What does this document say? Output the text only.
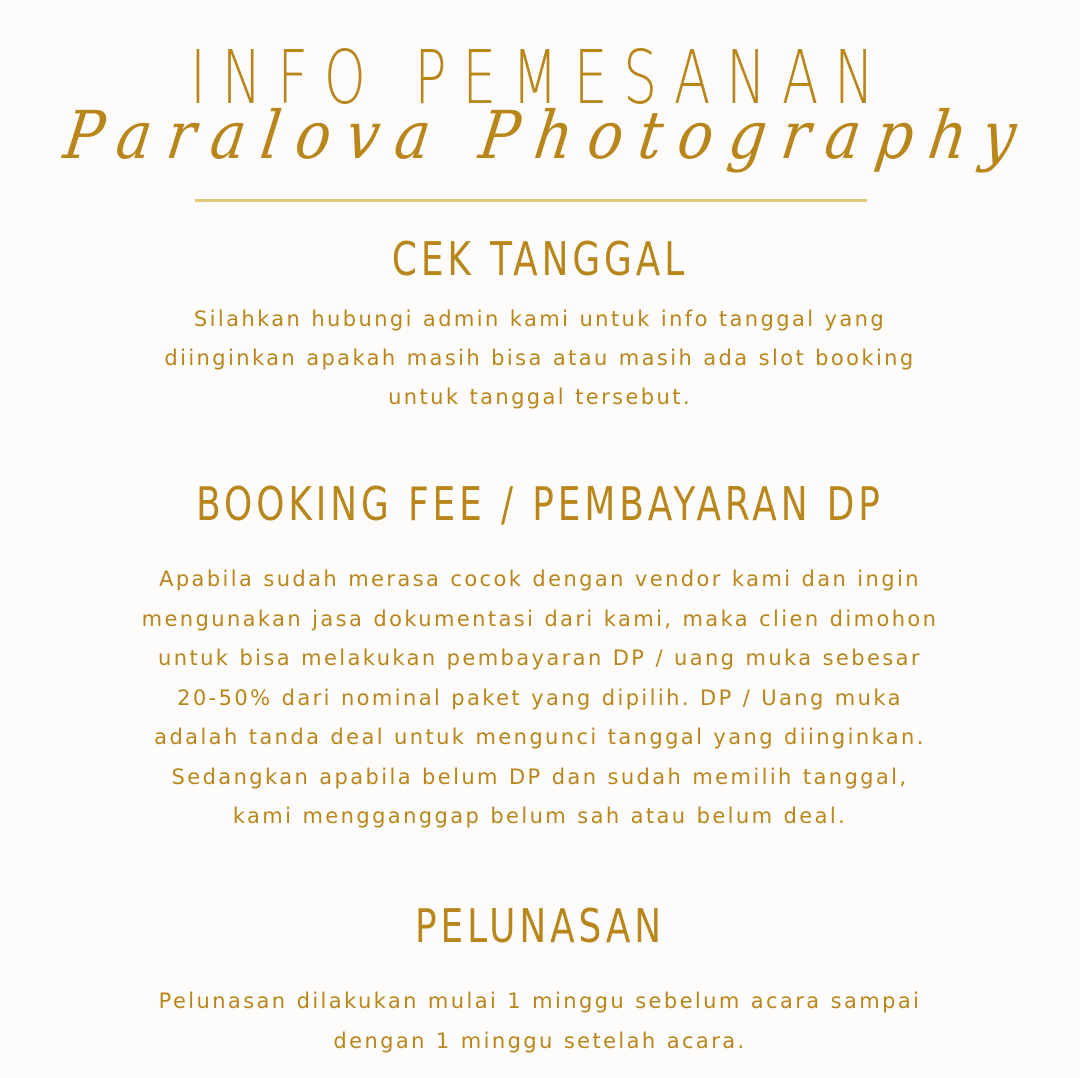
INFO PEMESANAN
Paralova Photography
CEK TANGGAL
Silahkan hubungi admin kami untuk info tanggal yang
diinginkan apakah masih bisa atau masih ada slot booking
untuk tanggal tersebut.
BOOKING FEE / PEMBAYARAN DP
Apabila sudah merasa cocok dengan vendor kami dan ingin
mengunakan jasa dokumentasi dari kami, maka clien dimohon
untuk bisa melakukan pembayaran DP / uang muka sebesar
20-50% dari nominal paket yang dipilih. DP / Uang muka
adalah tanda deal untuk mengunci tanggal yang diinginkan.
Sedangkan apabila belum DP dan sudah memilih tanggal,
kami mengganggap belum sah atau belum deal.
PELUNASAN
Pelunasan dilakukan mulai 1 minggu sebelum acara sampai
dengan 1 minggu setelah acara.
